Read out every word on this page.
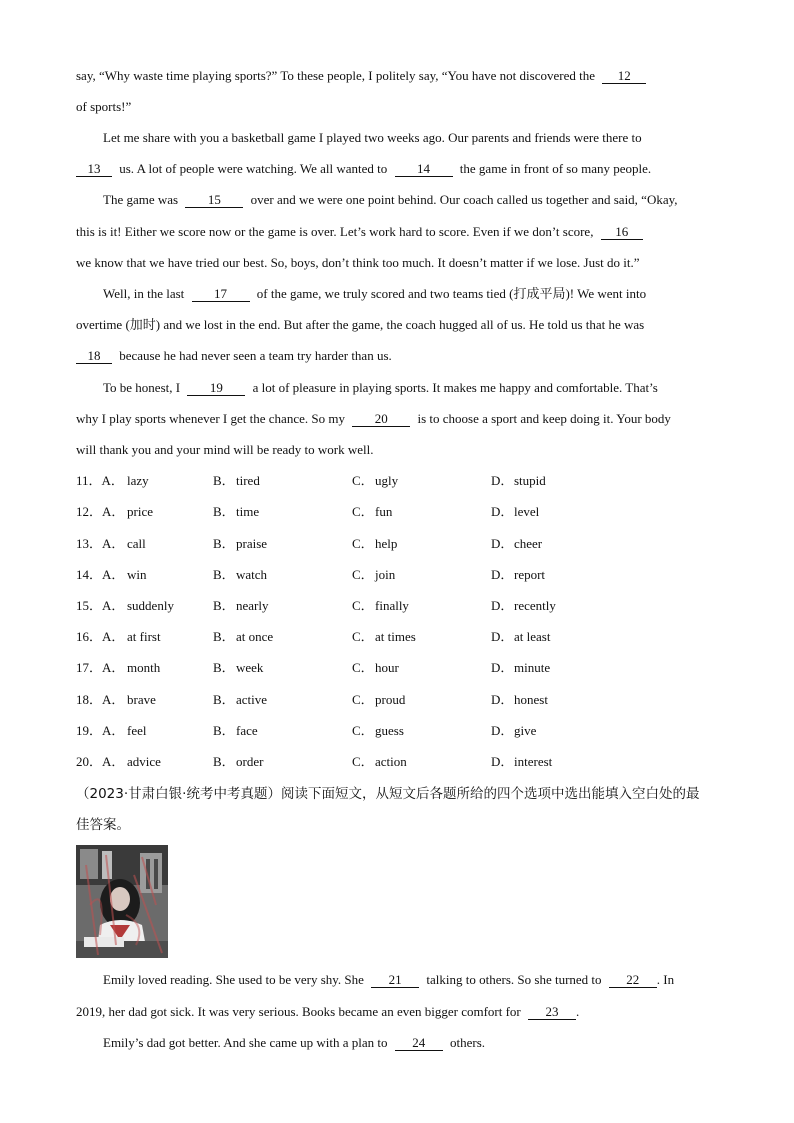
say, “Why waste time playing sports?” To these people, I politely say, “You have not discovered the 12
of sports!”
Let me share with you a basketball game I played two weeks ago. Our parents and friends were there to
13 us. A lot of people were watching. We all wanted to 14 the game in front of so many people.
The game was 15 over and we were one point behind. Our coach called us together and said, “Okay,
this is it! Either we score now or the game is over. Let’s work hard to score. Even if we don’t score, 16
we know that we have tried our best. So, boys, don’t think too much. It doesn’t matter if we lose. Just do it.”
Well, in the last 17 of the game, we truly scored and two teams tied (打成平局)! We went into
overtime (加时) and we lost in the end. But after the game, the coach hugged all of us. He told us that he was
18 because he had never seen a team try harder than us.
To be honest, I 19 a lot of pleasure in playing sports. It makes me happy and comfortable. That’s
why I play sports whenever I get the chance. So my 20 is to choose a sport and keep doing it. Your body
will thank you and your mind will be ready to work well.
11．A． lazy	B． tired	C． ugly	D． stupid
12．A． price	B． time	C． fun	D． level
13．A． call	B． praise	C． help	D． cheer
14．A． win	B． watch	C． join	D． report
15．A． suddenly	B． nearly	C． finally	D． recently
16．A． at first	B． at once	C． at times	D． at least
17．A． month	B． week	C． hour	D． minute
18．A． brave	B． active	C． proud	D． honest
19．A． feel	B． face	C． guess	D． give
20．A． advice	B． order	C． action	D． interest
（2023·甘肃白银·统考中考真题）阅读下面短文，从短文后各题所给的四个选项中选出能填入空白处的最
佳答案。
Emily loved reading. She used to be very shy. She 21 talking to others. So she turned to 22 . In
2019, her dad got sick. It was very serious. Books became an even bigger comfort for 23 .
Emily’s dad got better. And she came up with a plan to 24 others.
